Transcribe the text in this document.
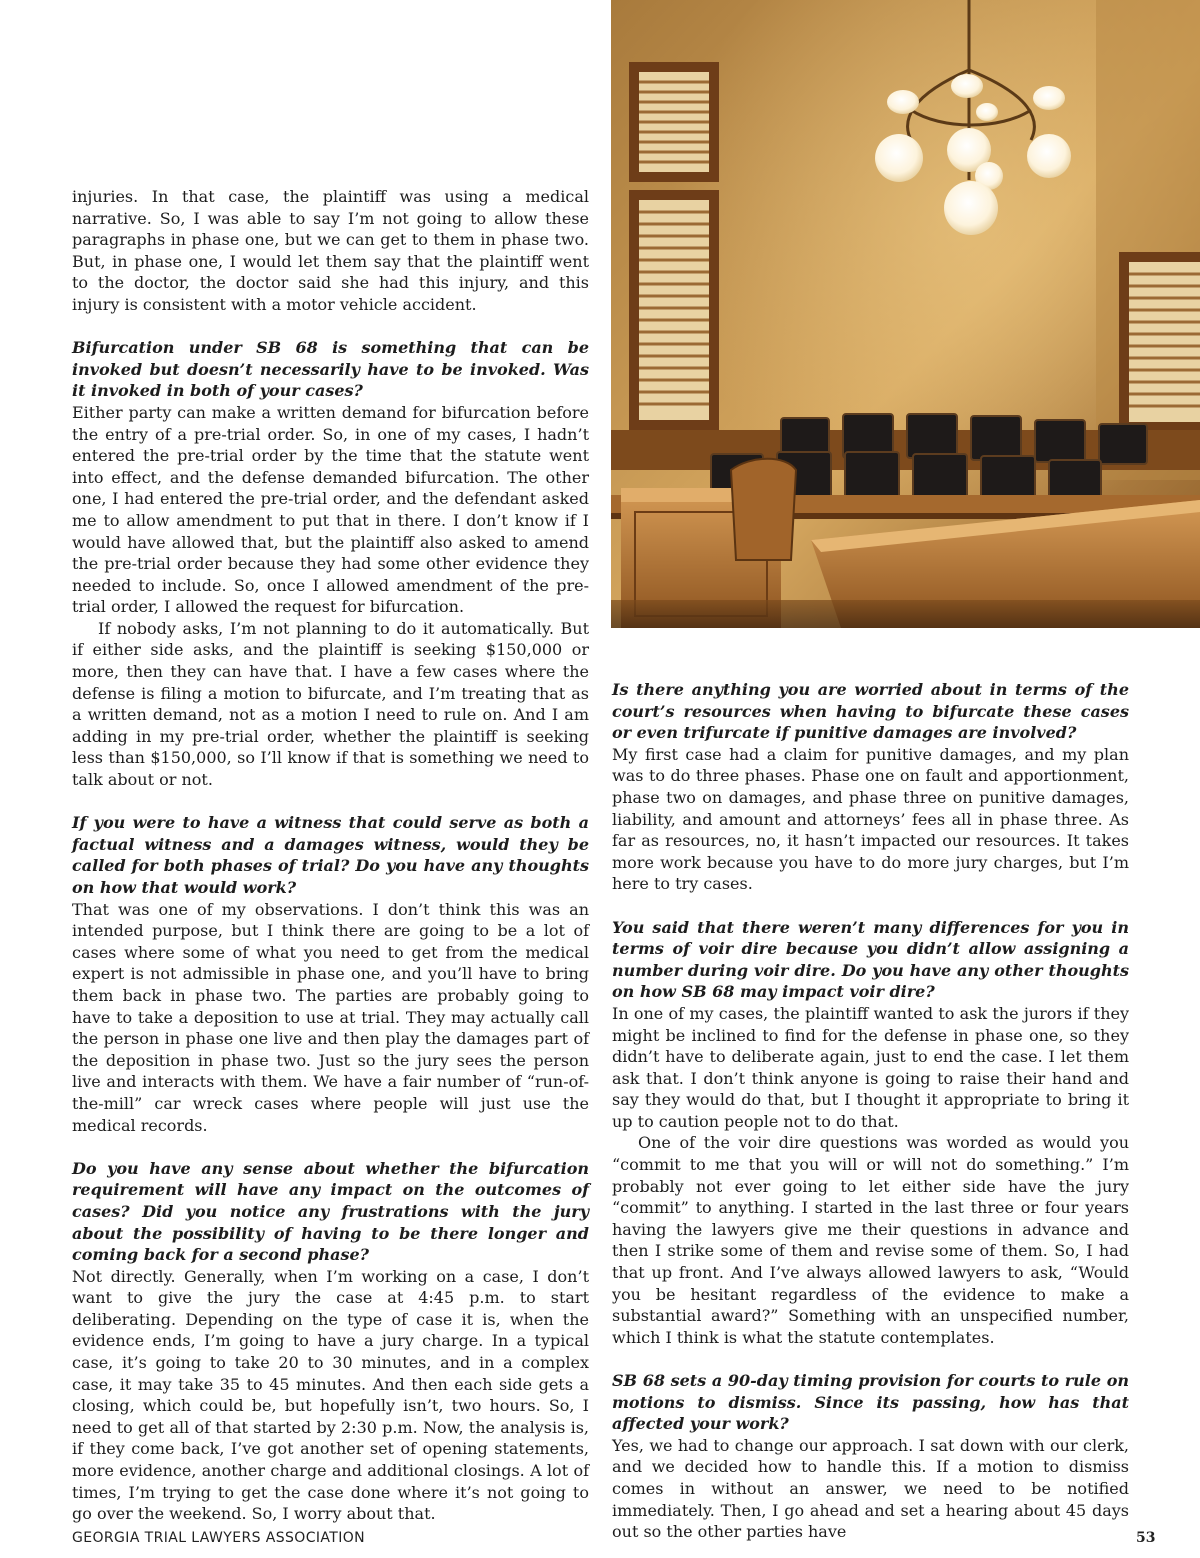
injuries. In that case, the plaintiff was using a medical narrative. So, I was able to say I’m not going to allow these paragraphs in phase one, but we can get to them in phase two. But, in phase one, I would let them say that the plaintiff went to the doctor, the doctor said she had this injury, and this injury is consistent with a motor vehicle accident.
Bifurcation under SB 68 is something that can be invoked but doesn’t necessarily have to be invoked. Was it invoked in both of your cases?
Either party can make a written demand for bifurcation before the entry of a pre-trial order. So, in one of my cases, I hadn’t entered the pre-trial order by the time that the statute went into effect, and the defense demanded bifurcation. The other one, I had entered the pre-trial order, and the defendant asked me to allow amendment to put that in there. I don’t know if I would have allowed that, but the plaintiff also asked to amend the pre-trial order because they had some other evidence they needed to include. So, once I allowed amendment of the pre-trial order, I allowed the request for bifurcation.
If nobody asks, I’m not planning to do it automatically. But if either side asks, and the plaintiff is seeking $150,000 or more, then they can have that. I have a few cases where the defense is filing a motion to bifurcate, and I’m treating that as a written demand, not as a motion I need to rule on. And I am adding in my pre-trial order, whether the plaintiff is seeking less than $150,000, so I’ll know if that is something we need to talk about or not.
If you were to have a witness that could serve as both a factual witness and a damages witness, would they be called for both phases of trial? Do you have any thoughts on how that would work?
That was one of my observations. I don’t think this was an intended purpose, but I think there are going to be a lot of cases where some of what you need to get from the medical expert is not admissible in phase one, and you’ll have to bring them back in phase two. The parties are probably going to have to take a deposition to use at trial. They may actually call the person in phase one live and then play the damages part of the deposition in phase two. Just so the jury sees the person live and interacts with them. We have a fair number of “run-of-the-mill” car wreck cases where people will just use the medical records.
Do you have any sense about whether the bifurcation requirement will have any impact on the outcomes of cases? Did you notice any frustrations with the jury about the possibility of having to be there longer and coming back for a second phase?
Not directly. Generally, when I’m working on a case, I don’t want to give the jury the case at 4:45 p.m. to start deliberating. Depending on the type of case it is, when the evidence ends, I’m going to have a jury charge. In a typical case, it’s going to take 20 to 30 minutes, and in a complex case, it may take 35 to 45 minutes. And then each side gets a closing, which could be, but hopefully isn’t, two hours. So, I need to get all of that started by 2:30 p.m. Now, the analysis is, if they come back, I’ve got another set of opening statements, more evidence, another charge and additional closings. A lot of times, I’m trying to get the case done where it’s not going to go over the weekend. So, I worry about that.
Is there anything you are worried about in terms of the court’s resources when having to bifurcate these cases or even trifurcate if punitive damages are involved?
My first case had a claim for punitive damages, and my plan was to do three phases. Phase one on fault and apportionment, phase two on damages, and phase three on punitive damages, liability, and amount and attorneys’ fees all in phase three. As far as resources, no, it hasn’t impacted our resources. It takes more work because you have to do more jury charges, but I’m here to try cases.
You said that there weren’t many differences for you in terms of voir dire because you didn’t allow assigning a number during voir dire. Do you have any other thoughts on how SB 68 may impact voir dire?
In one of my cases, the plaintiff wanted to ask the jurors if they might be inclined to find for the defense in phase one, so they didn’t have to deliberate again, just to end the case. I let them ask that. I don’t think anyone is going to raise their hand and say they would do that, but I thought it appropriate to bring it up to caution people not to do that.
One of the voir dire questions was worded as would you “commit to me that you will or will not do something.” I’m probably not ever going to let either side have the jury “commit” to anything. I started in the last three or four years having the lawyers give me their questions in advance and then I strike some of them and revise some of them. So, I had that up front. And I’ve always allowed lawyers to ask, “Would you be hesitant regardless of the evidence to make a substantial award?” Something with an unspecified number, which I think is what the statute contemplates.
SB 68 sets a 90-day timing provision for courts to rule on motions to dismiss. Since its passing, how has that affected your work?
Yes, we had to change our approach. I sat down with our clerk, and we decided how to handle this. If a motion to dismiss comes in without an answer, we need to be notified immediately. Then, I go ahead and set a hearing about 45 days out so the other parties have
GEORGIA TRIAL LAWYERS ASSOCIATION	53
